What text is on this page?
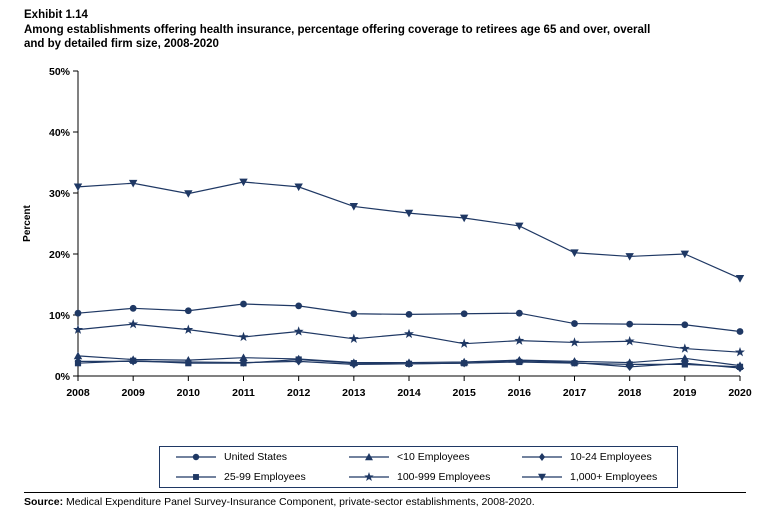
Exhibit 1.14
Among establishments offering health insurance, percentage offering coverage to retirees age 65 and over, overall
and by detailed firm size, 2008-2020
0%
10%
20%
30%
40%
50%
2008	2009	2010	2011	2012	2013	2014	2015	2016	2017	2018	2019	2020
Percent
United States	<10 Employees	10-24 Employees
25-99 Employees	100-999 Employees	1,000+ Employees
Source: Medical Expenditure Panel Survey-Insurance Component, private-sector establishments, 2008-2020.
